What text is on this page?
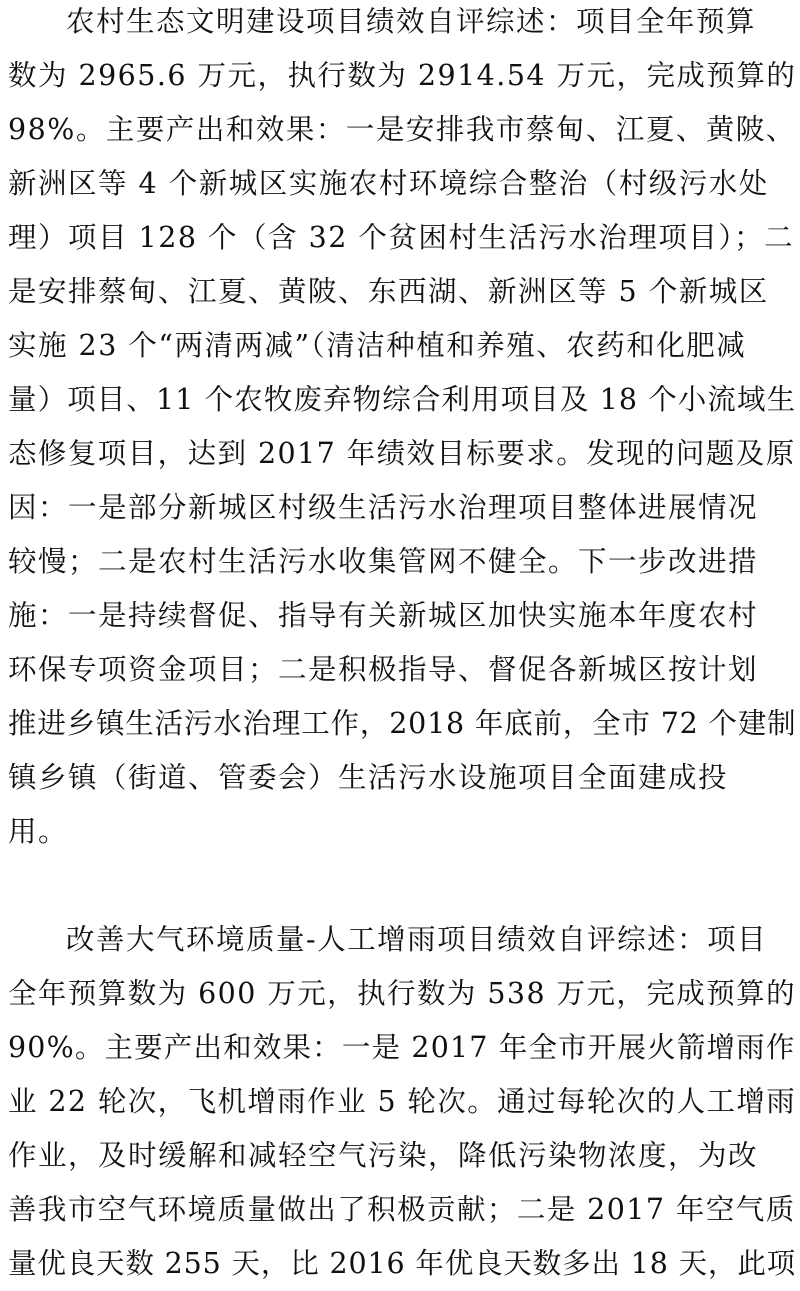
农村生态文明建设项目绩效自评综述：项目全年预算
数为 2965.6 万元，执行数为 2914.54 万元，完成预算的
98%。主要产出和效果：一是安排我市蔡甸、江夏、黄陂、
新洲区等 4 个新城区实施农村环境综合整治（村级污水处
理）项目 128 个（含 32 个贫困村生活污水治理项目）；二
是安排蔡甸、江夏、黄陂、东西湖、新洲区等 5 个新城区
实施 23 个“两清两减”（清洁种植和养殖、农药和化肥减
量）项目、11 个农牧废弃物综合利用项目及 18 个小流域生
态修复项目，达到 2017 年绩效目标要求。发现的问题及原
因：一是部分新城区村级生活污水治理项目整体进展情况
较慢；二是农村生活污水收集管网不健全。下一步改进措
施：一是持续督促、指导有关新城区加快实施本年度农村
环保专项资金项目；二是积极指导、督促各新城区按计划
推进乡镇生活污水治理工作，2018 年底前，全市 72 个建制
镇乡镇（街道、管委会）生活污水设施项目全面建成投
用。
改善大气环境质量-人工增雨项目绩效自评综述：项目
全年预算数为 600 万元，执行数为 538 万元，完成预算的
90%。主要产出和效果：一是 2017 年全市开展火箭增雨作
业 22 轮次，飞机增雨作业 5 轮次。通过每轮次的人工增雨
作业，及时缓解和减轻空气污染，降低污染物浓度，为改
善我市空气环境质量做出了积极贡献；二是 2017 年空气质
量优良天数 255 天，比 2016 年优良天数多出 18 天，此项
